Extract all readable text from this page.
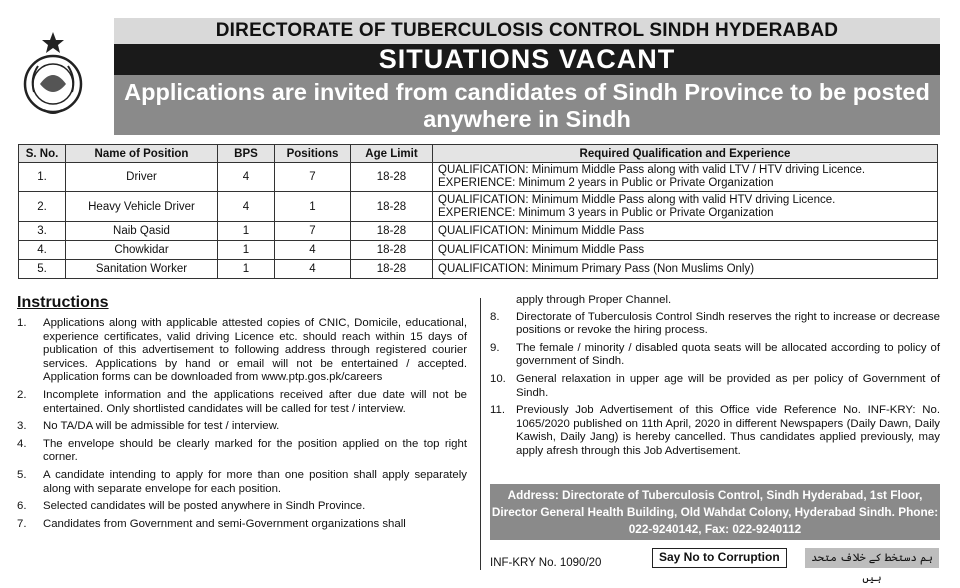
DIRECTORATE OF TUBERCULOSIS CONTROL SINDH HYDERABAD
SITUATIONS VACANT
Applications are invited from candidates of Sindh Province to be posted anywhere in Sindh
S. No.	Name of Position	BPS	Positions	Age Limit	Required Qualification and Experience
1.	Driver	4	7	18-28	QUALIFICATION: Minimum Middle Pass along with valid LTV / HTV driving Licence.
EXPERIENCE: Minimum 2 years in Public or Private Organization

2.	Heavy Vehicle Driver	4	1	18-28	QUALIFICATION: Minimum Middle Pass along with valid HTV driving Licence.
EXPERIENCE: Minimum 3 years in Public or Private Organization

3.	Naib Qasid	1	7	18-28	QUALIFICATION: Minimum Middle Pass
4.	Chowkidar	1	4	18-28	QUALIFICATION: Minimum Middle Pass
5.	Sanitation Worker	1	4	18-28	QUALIFICATION: Minimum Primary Pass (Non Muslims Only)
Instructions
1.	Applications along with applicable attested copies of CNIC, Domicile, educational, experience certificates, valid driving Licence etc. should reach within 15 days of publication of this advertisement to following address through registered courier services. Applications by hand or email will not be entertained / accepted. Application forms can be downloaded from www.ptp.gos.pk/careers
2.	Incomplete information and the applications received after due date will not be entertained. Only shortlisted candidates will be called for test / interview.
3.	No TA/DA will be admissible for test / interview.
4.	The envelope should be clearly marked for the position applied on the top right corner.
5.	A candidate intending to apply for more than one position shall apply separately along with separate envelope for each position.
6.	Selected candidates will be posted anywhere in Sindh Province.
7.	Candidates from Government and semi-Government organizations shall
apply through Proper Channel.
8.	Directorate of Tuberculosis Control Sindh reserves the right to increase or decrease positions or revoke the hiring process.
9.	The female / minority / disabled quota seats will be allocated according to policy of government of Sindh.
10. General relaxation in upper age will be provided as per policy of Government of Sindh.
11. Previously Job Advertisement of this Office vide Reference No. INF-KRY: No. 1065/2020 published on 11th April, 2020 in different Newspapers (Daily Dawn, Daily Kawish, Daily Jang) is hereby cancelled. Thus candidates applied previously, may apply afresh through this Job Advertisement.
Address: Directorate of Tuberculosis Control, Sindh Hyderabad, 1st Floor, Director General Health Building, Old Wahdat Colony, Hyderabad Sindh. Phone: 022-9240142, Fax: 022-9240112
INF-KRY No. 1090/20	Say No to Corruption	ہم دستخط کے خلاف متحد ہیں
